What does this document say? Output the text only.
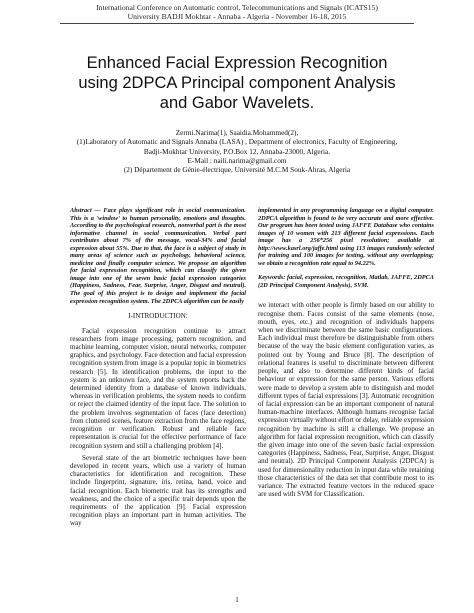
International Conference on Automatic control, Telecommunications and Signals (ICATS15)
University BADJI Mokhtar - Annaba - Algeria - November 16-18, 2015
Enhanced Facial Expression Recognition
using 2DPCA Principal component Analysis
and Gabor Wavelets.
Zermi.Narima(1), Saaidia.Mohammed(2),
(1)Laboratory of Automatic and Signals Annaba (LASA) , Department of electronics, Faculty of Engineering,
Badji-Mokhtar University, P.O.Box 12, Annaba-23000, Algeria.
E-Mail : naili.narima@gmail.com
(2) Département de Génie-électrique, Université M.C.M Souk-Ahras, Algeria

Abstract — Face plays significant role in social communication. This is a 'window' to human personality, emotions and thoughts. According to the psychological research, nonverbal part is the most informative channel in social communication. Verbal part contributes about 7% of the message, vocal-34% and facial expression about 55%. Due to that, the face is a subject of study in many areas of science such as psychology, behavioral science, medicine and finally computer science. We propose an algorithm for facial expression recognition, which can classify the given image into one of the seven basic facial expression categories (Happiness, Sadness, Fear, Surprise, Anger, Disgust and neutral). The goal of this project is to design and implement the facial expression recognition system. The 2DPCA algorithm can be easily

I-INTRODUCTION:

Facial expression recognition continue to attract researchers from image processing, pattern recognition, and machine learning, computer vision, neural networks, computer graphics, and psychology. Face detection and facial expression recognition system from image is a popular topic in biometrics research [5]. In identification problems, the input to the system is an unknown face, and the system reports back the determined identity from a database of known individuals, whereas in verification problems, the system needs to confirm or reject the claimed identity of the input face. The solution to the problem involves segmentation of faces (face detection) from cluttered scenes, feature extraction from the face regions, recognition or verification. Robust and reliable face representation is crucial for the effective performance of face recognition system and still a challenging problem [4].

Several state of the art biometric techniques have been developed in recent years, which use a variety of human characteristics for identification and recognition. These include fingerprint, signature, iris, retina, hand, voice and facial recognition. Each biometric trait has its strengths and weakness, and the choice of a specific trait depends upon the requirements of the application [9]. Facial expression recognition plays an important part in human activities. The way

implemented in any programming language on a digital computer. 2DPCA algorithm is found to be very accurate and more effective. Our program has been tested using JAFFE Database who contains images of 10 women with 213 different facial expressions. Each image has a 256*256 pixel resolution; available at http://www.kasrl.org/jaffe.html using 113 images randomly selected for training and 100 images for testing, without any overlapping; we obtain a recognition rate equal to 94.22%.

Keywords: facial, expression, recognition, Matlab, JAFFE, 2DPCA (2D Principal Component Analysis), SVM.

we interact with other people is firmly based on our ability to recognise them. Faces consist of the same elements (nose, mouth, eyes, etc.) and recognition of individuals happens when we discriminate between the same basic configurations. Each individual must therefore be distinguishable from others because of the way the basic element configuration varies, as pointed out by Young and Bruce [8]. The description of relational features is useful to discriminate between different people, and also to determine different kinds of facial behaviour or expression for the same person. Various efforts were made to develop a system able to distinguish and model different types of facial expressions [3]. Automatic recognition of facial expression can be an important component of natural human-machine interfaces. Although humans recognise facial expression virtually without effort or delay, reliable expression recognition by machine is still a challenge. We propose an algorithm for facial expression recognition, which can classify the given image into one of the seven basic facial expression categories (Happiness, Sadness, Fear, Surprise, Anger, Disgust and neutral). 2D Principal Component Analysis (2DPCA) is used for dimensionality reduction in input data while retaining those characteristics of the data set that contribute most to its variance. The extracted feature vectors in the reduced space are used with SVM for Classification.

1
